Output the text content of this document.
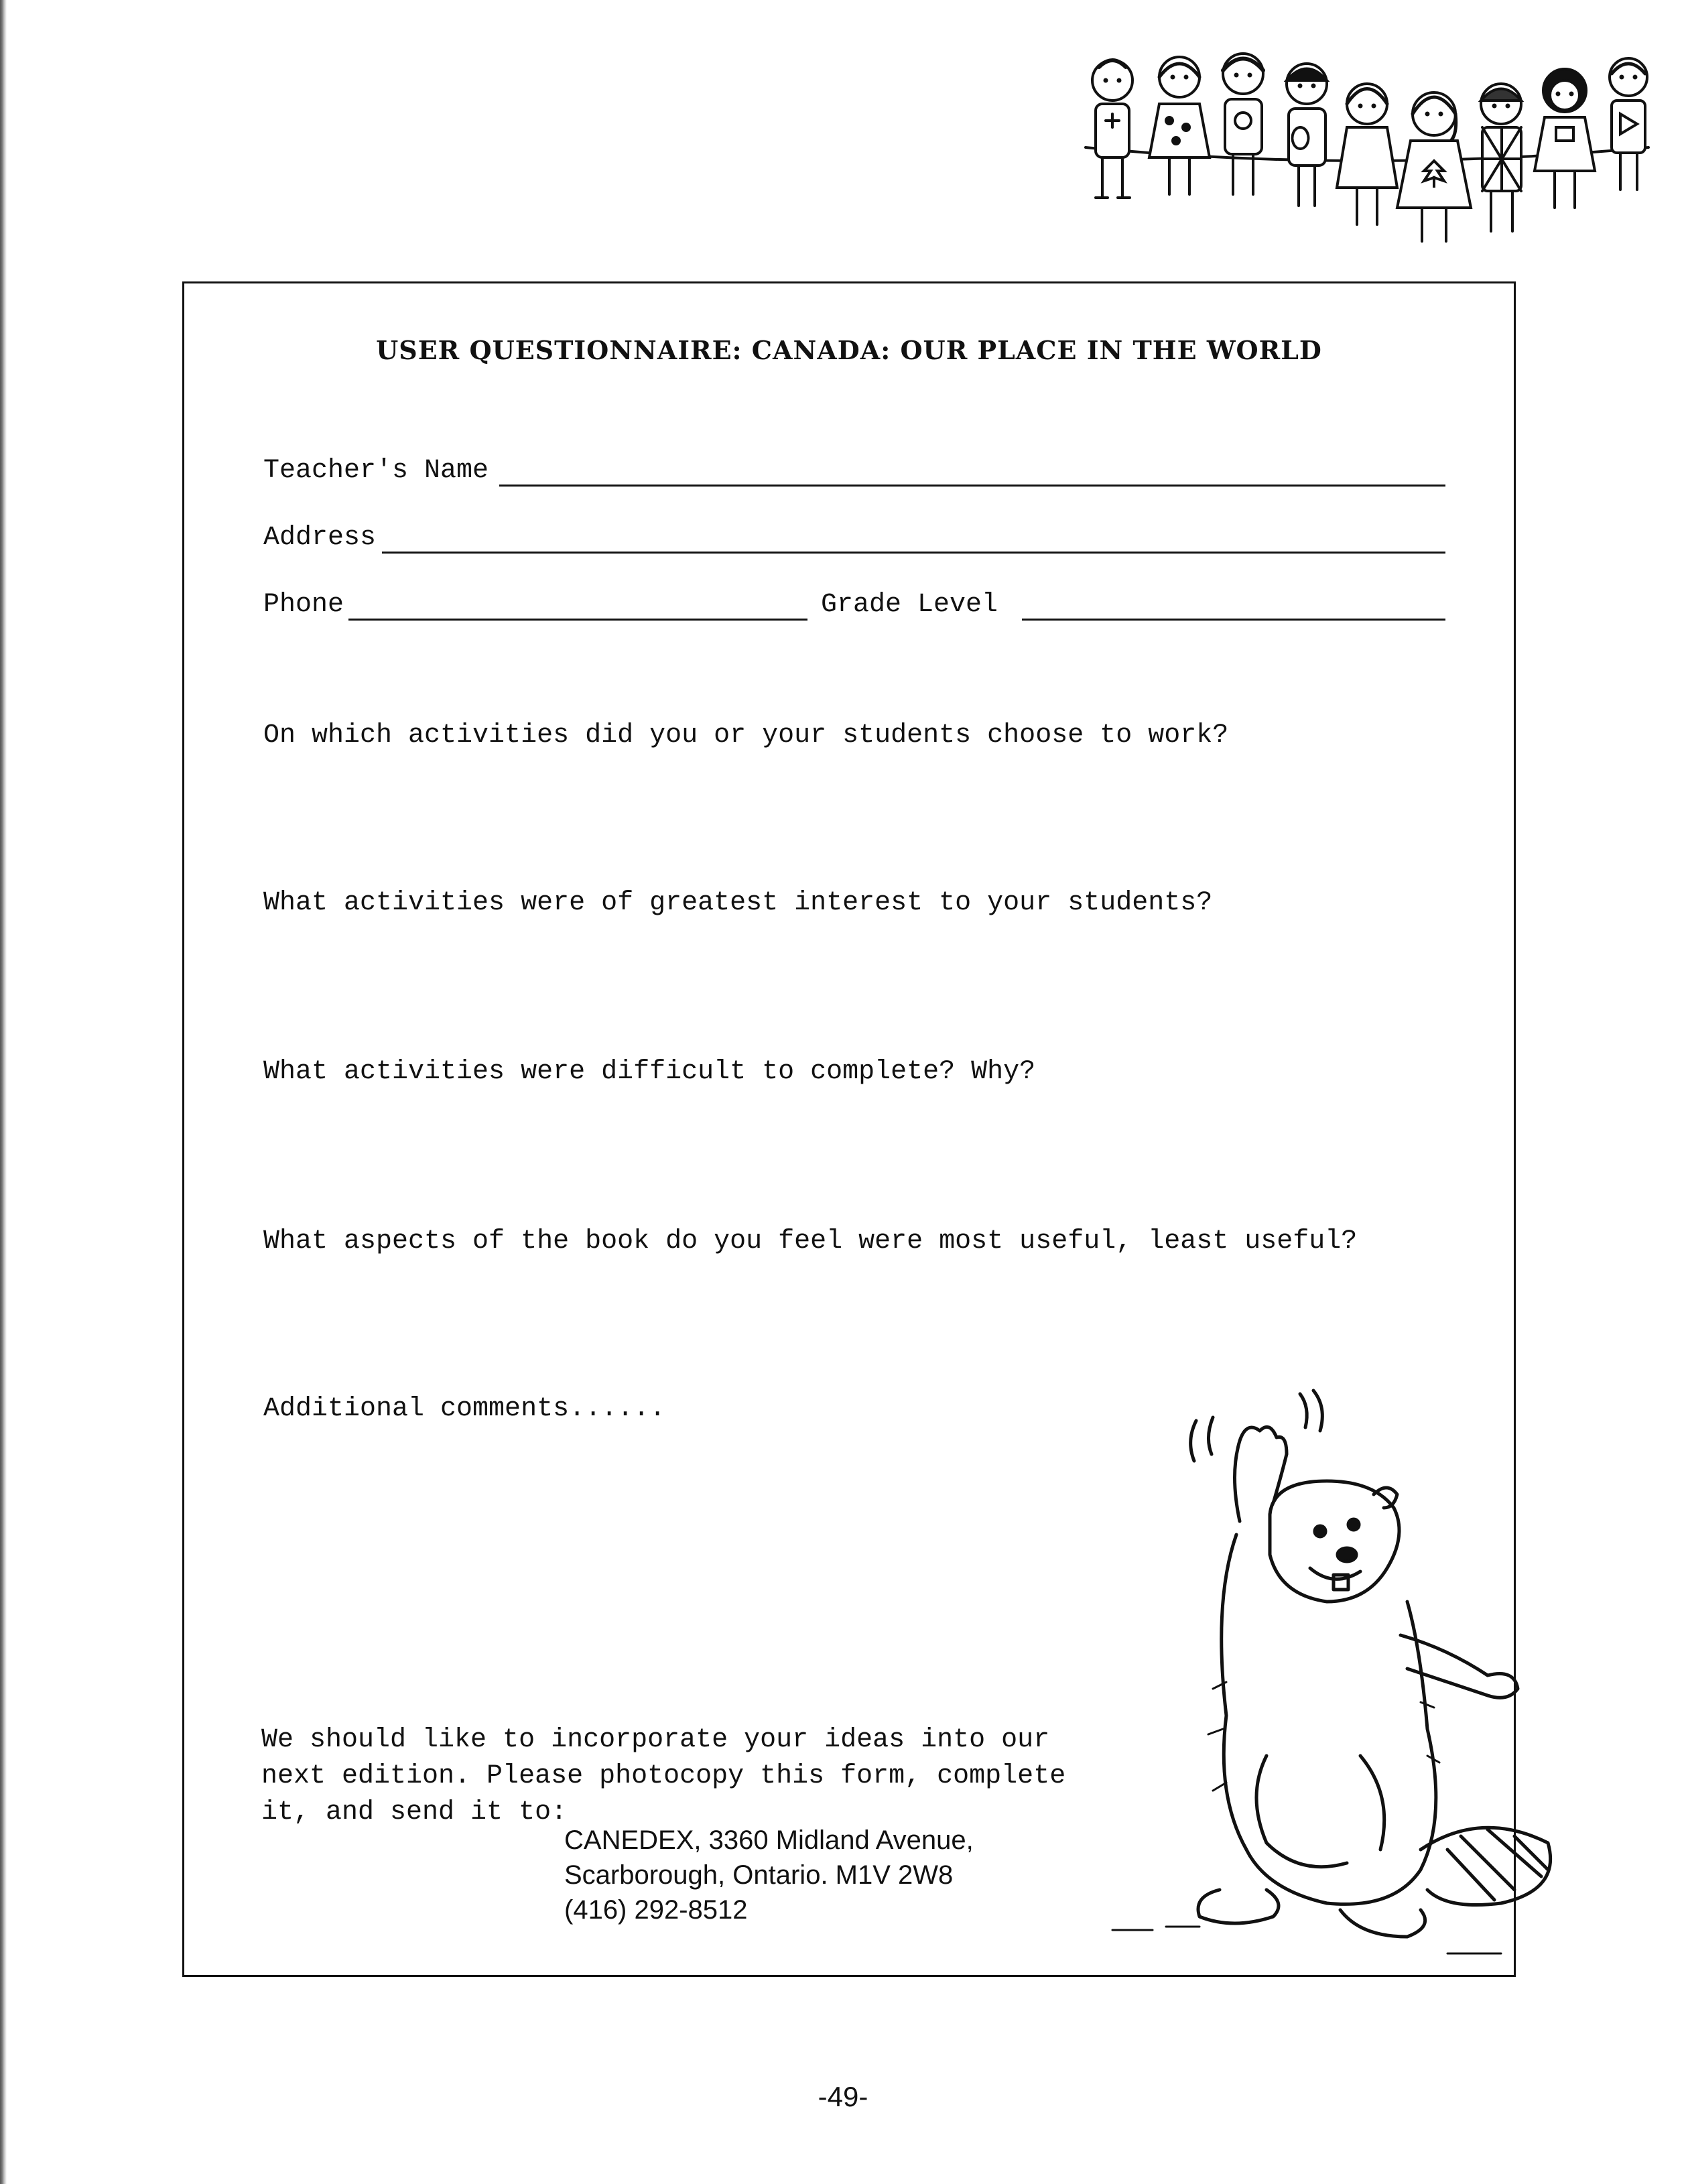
USER QUESTIONNAIRE: CANADA: OUR PLACE IN THE WORLD
Teacher's Name
Address
Phone	Grade Level
On which activities did you or your students choose to work?
What activities were of greatest interest to your students?
What activities were difficult to complete? Why?
What aspects of the book do you feel were most useful, least useful?
Additional comments......
We should like to incorporate your ideas into our
next edition. Please photocopy this form, complete
it, and send it to:
CANEDEX, 3360 Midland Avenue,
Scarborough, Ontario. M1V 2W8
(416) 292-8512
-49-
